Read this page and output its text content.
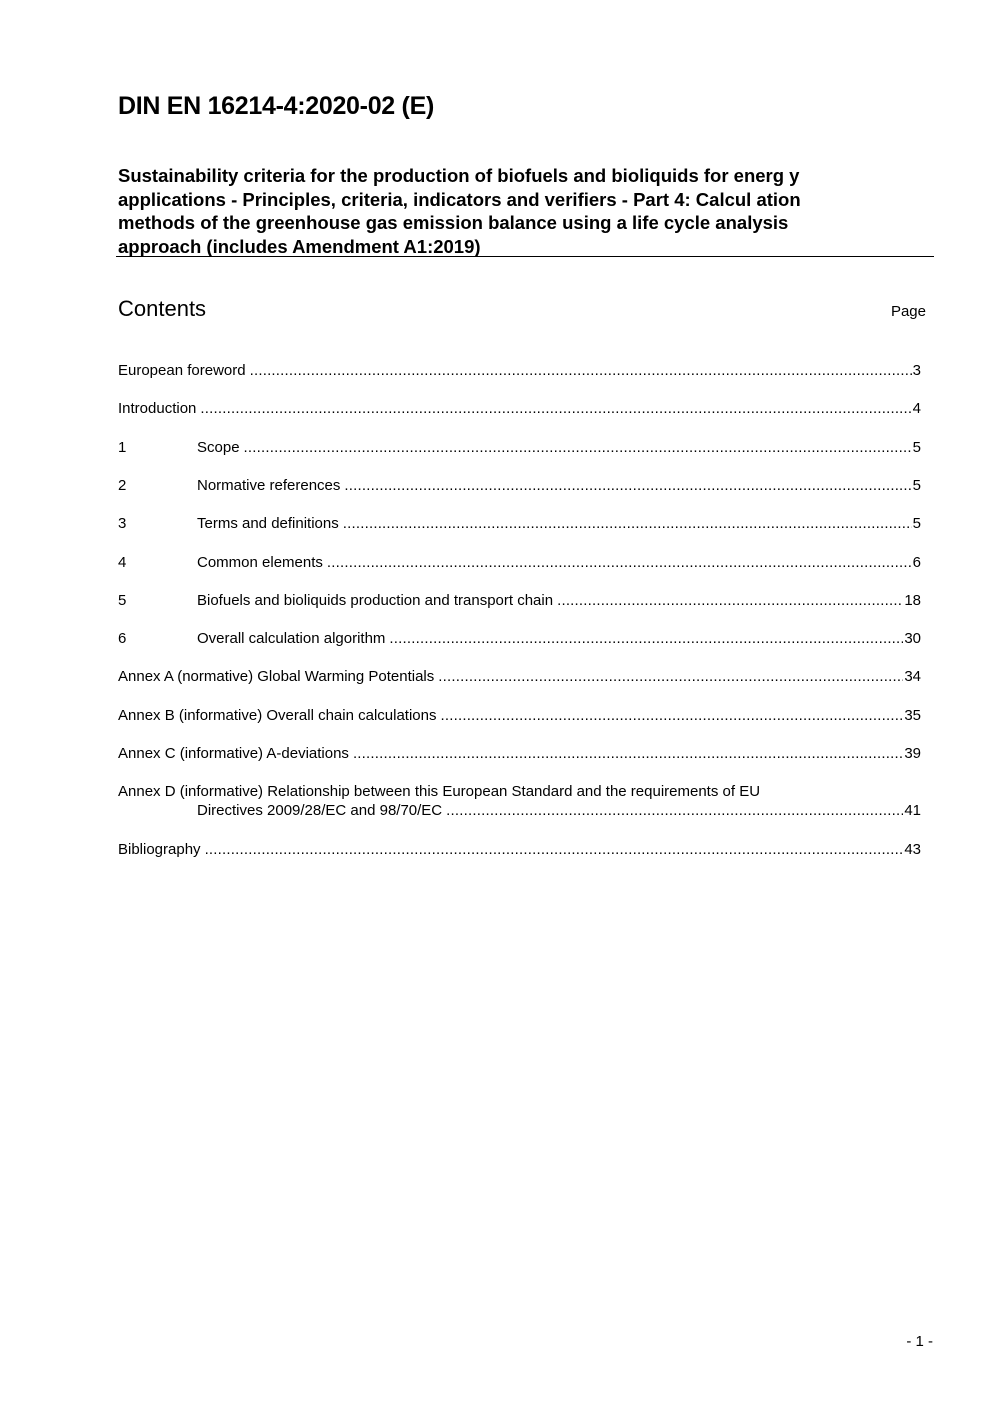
DIN EN 16214-4:2020-02 (E)
Sustainability criteria for the production of biofuels and bioliquids for energ y
applications - Principles, criteria, indicators and verifiers - Part 4: Calcul ation
methods of the greenhouse gas emission balance using a life cycle analysis
approach (includes Amendment A1:2019)
Contents	Page
European foreword .....	3
Introduction .....	4
1	Scope .....	5
2	Normative references .....	5
3	Terms and definitions .....	5
4	Common elements .....	6
5	Biofuels and bioliquids production and transport chain .....	18
6	Overall calculation algorithm .....	30
Annex A (normative) Global Warming Potentials .....	34
Annex B (informative) Overall chain calculations .....	35
Annex C (informative) A-deviations .....	39
Annex D (informative) Relationship between this European Standard and the requirements of EU
Directives 2009/28/EC and 98/70/EC .....	41
Bibliography .....	43
- 1 -
